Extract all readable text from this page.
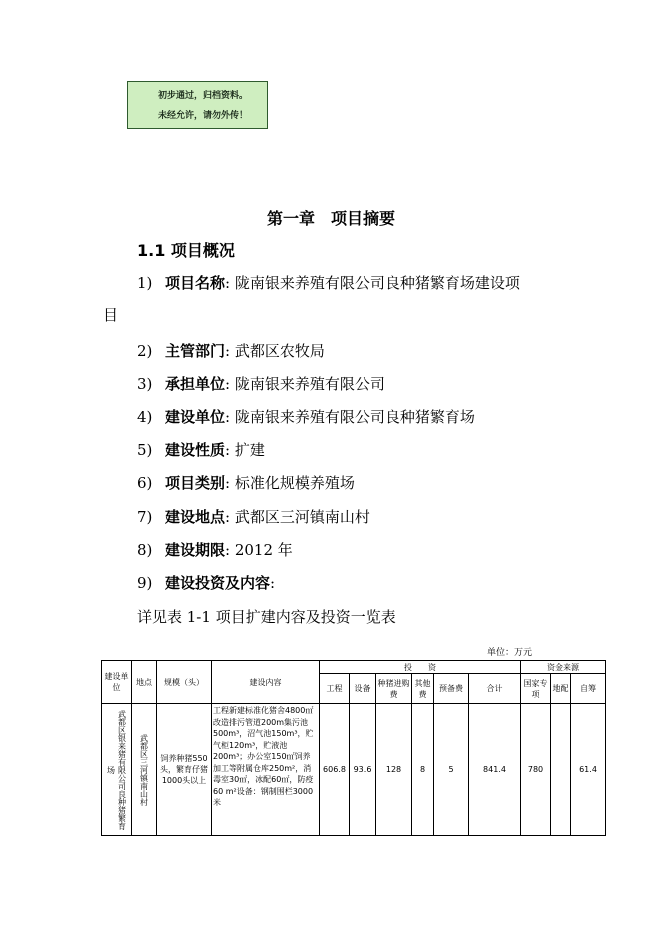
初步通过，归档资料。
未经允许，请勿外传！
第一章 项目摘要
1.1 项目概况
1) 项目名称: 陇南银来养殖有限公司良种猪繁育场建设项
目
2) 主管部门: 武都区农牧局
3) 承担单位: 陇南银来养殖有限公司
4) 建设单位: 陇南银来养殖有限公司良种猪繁育场
5) 建设性质: 扩建
6) 项目类别: 标准化规模养殖场
7) 建设地点: 武都区三河镇南山村
8) 建设期限: 2012 年
9) 建设投资及内容:
详见表 1-1 项目扩建内容及投资一览表
单位：万元
建设单位	地点	规模（头）	建设内容	投　　资						资金来源		
				工程	设备	种猪进购费	其他费	预备费	合计	国家专项	地配	自筹

武都区银来猪有限公司良种猪繁育场	武都区三河镇南山村	饲养种猪550头，繁育仔猪1000头以上	工程新建标准化猪舍4800㎡改造排污管道200m集污池500m³，沼气池150m³，贮气柜120m³，贮液池200m³；办公室150㎡饲养加工等附属仓库250m²，消毒室30㎡，冰配60㎡，防疫60 m²设备：钢制围栏3000米	606.8	93.6	128	8	5	841.4	780		61.4
